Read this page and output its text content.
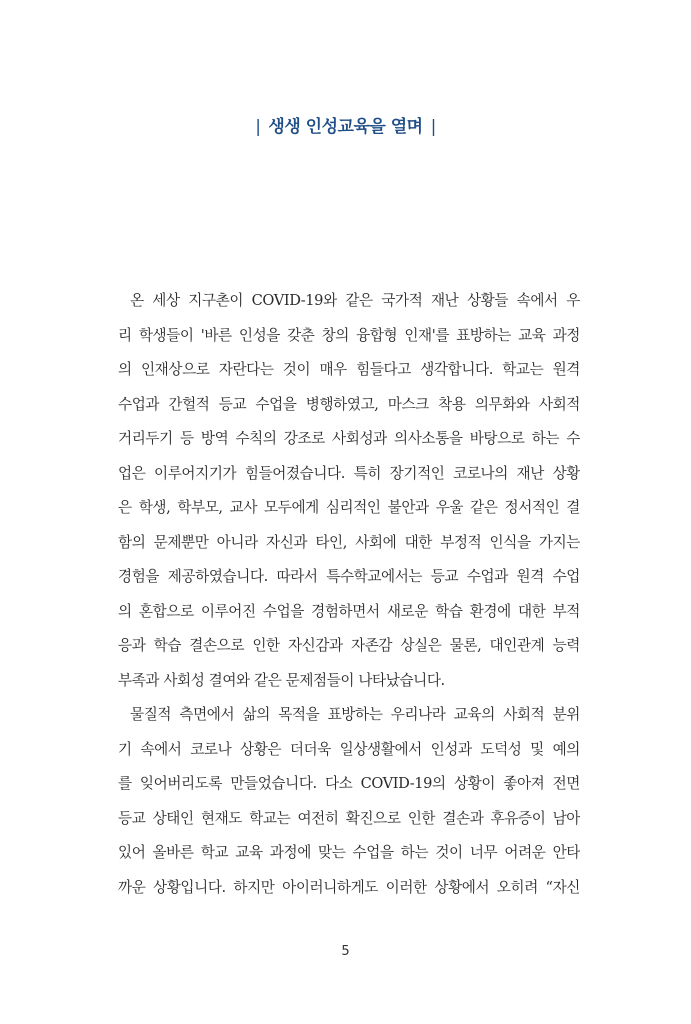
| 생생 인성교육을 열며 |
온 세상 지구촌이 COVID-19와 같은 국가적 재난 상황들 속에서 우
리 학생들이 '바른 인성을 갖춘 창의 융합형 인재'를 표방하는 교육 과정
의 인재상으로 자란다는 것이 매우 힘들다고 생각합니다. 학교는 원격
수업과 간헐적 등교 수업을 병행하였고, 마스크 착용 의무화와 사회적
거리두기 등 방역 수칙의 강조로 사회성과 의사소통을 바탕으로 하는 수
업은 이루어지기가 힘들어졌습니다. 특히 장기적인 코로나의 재난 상황
은 학생, 학부모, 교사 모두에게 심리적인 불안과 우울 같은 정서적인 결
함의 문제뿐만 아니라 자신과 타인, 사회에 대한 부정적 인식을 가지는
경험을 제공하였습니다. 따라서 특수학교에서는 등교 수업과 원격 수업
의 혼합으로 이루어진 수업을 경험하면서 새로운 학습 환경에 대한 부적
응과 학습 결손으로 인한 자신감과 자존감 상실은 물론, 대인관계 능력
부족과 사회성 결여와 같은 문제점들이 나타났습니다.
물질적 측면에서 삶의 목적을 표방하는 우리나라 교육의 사회적 분위
기 속에서 코로나 상황은 더더욱 일상생활에서 인성과 도덕성 및 예의
를 잊어버리도록 만들었습니다. 다소 COVID-19의 상황이 좋아져 전면
등교 상태인 현재도 학교는 여전히 확진으로 인한 결손과 후유증이 남아
있어 올바른 학교 교육 과정에 맞는 수업을 하는 것이 너무 어려운 안타
까운 상황입니다. 하지만 아이러니하게도 이러한 상황에서 오히려 “자신
5
